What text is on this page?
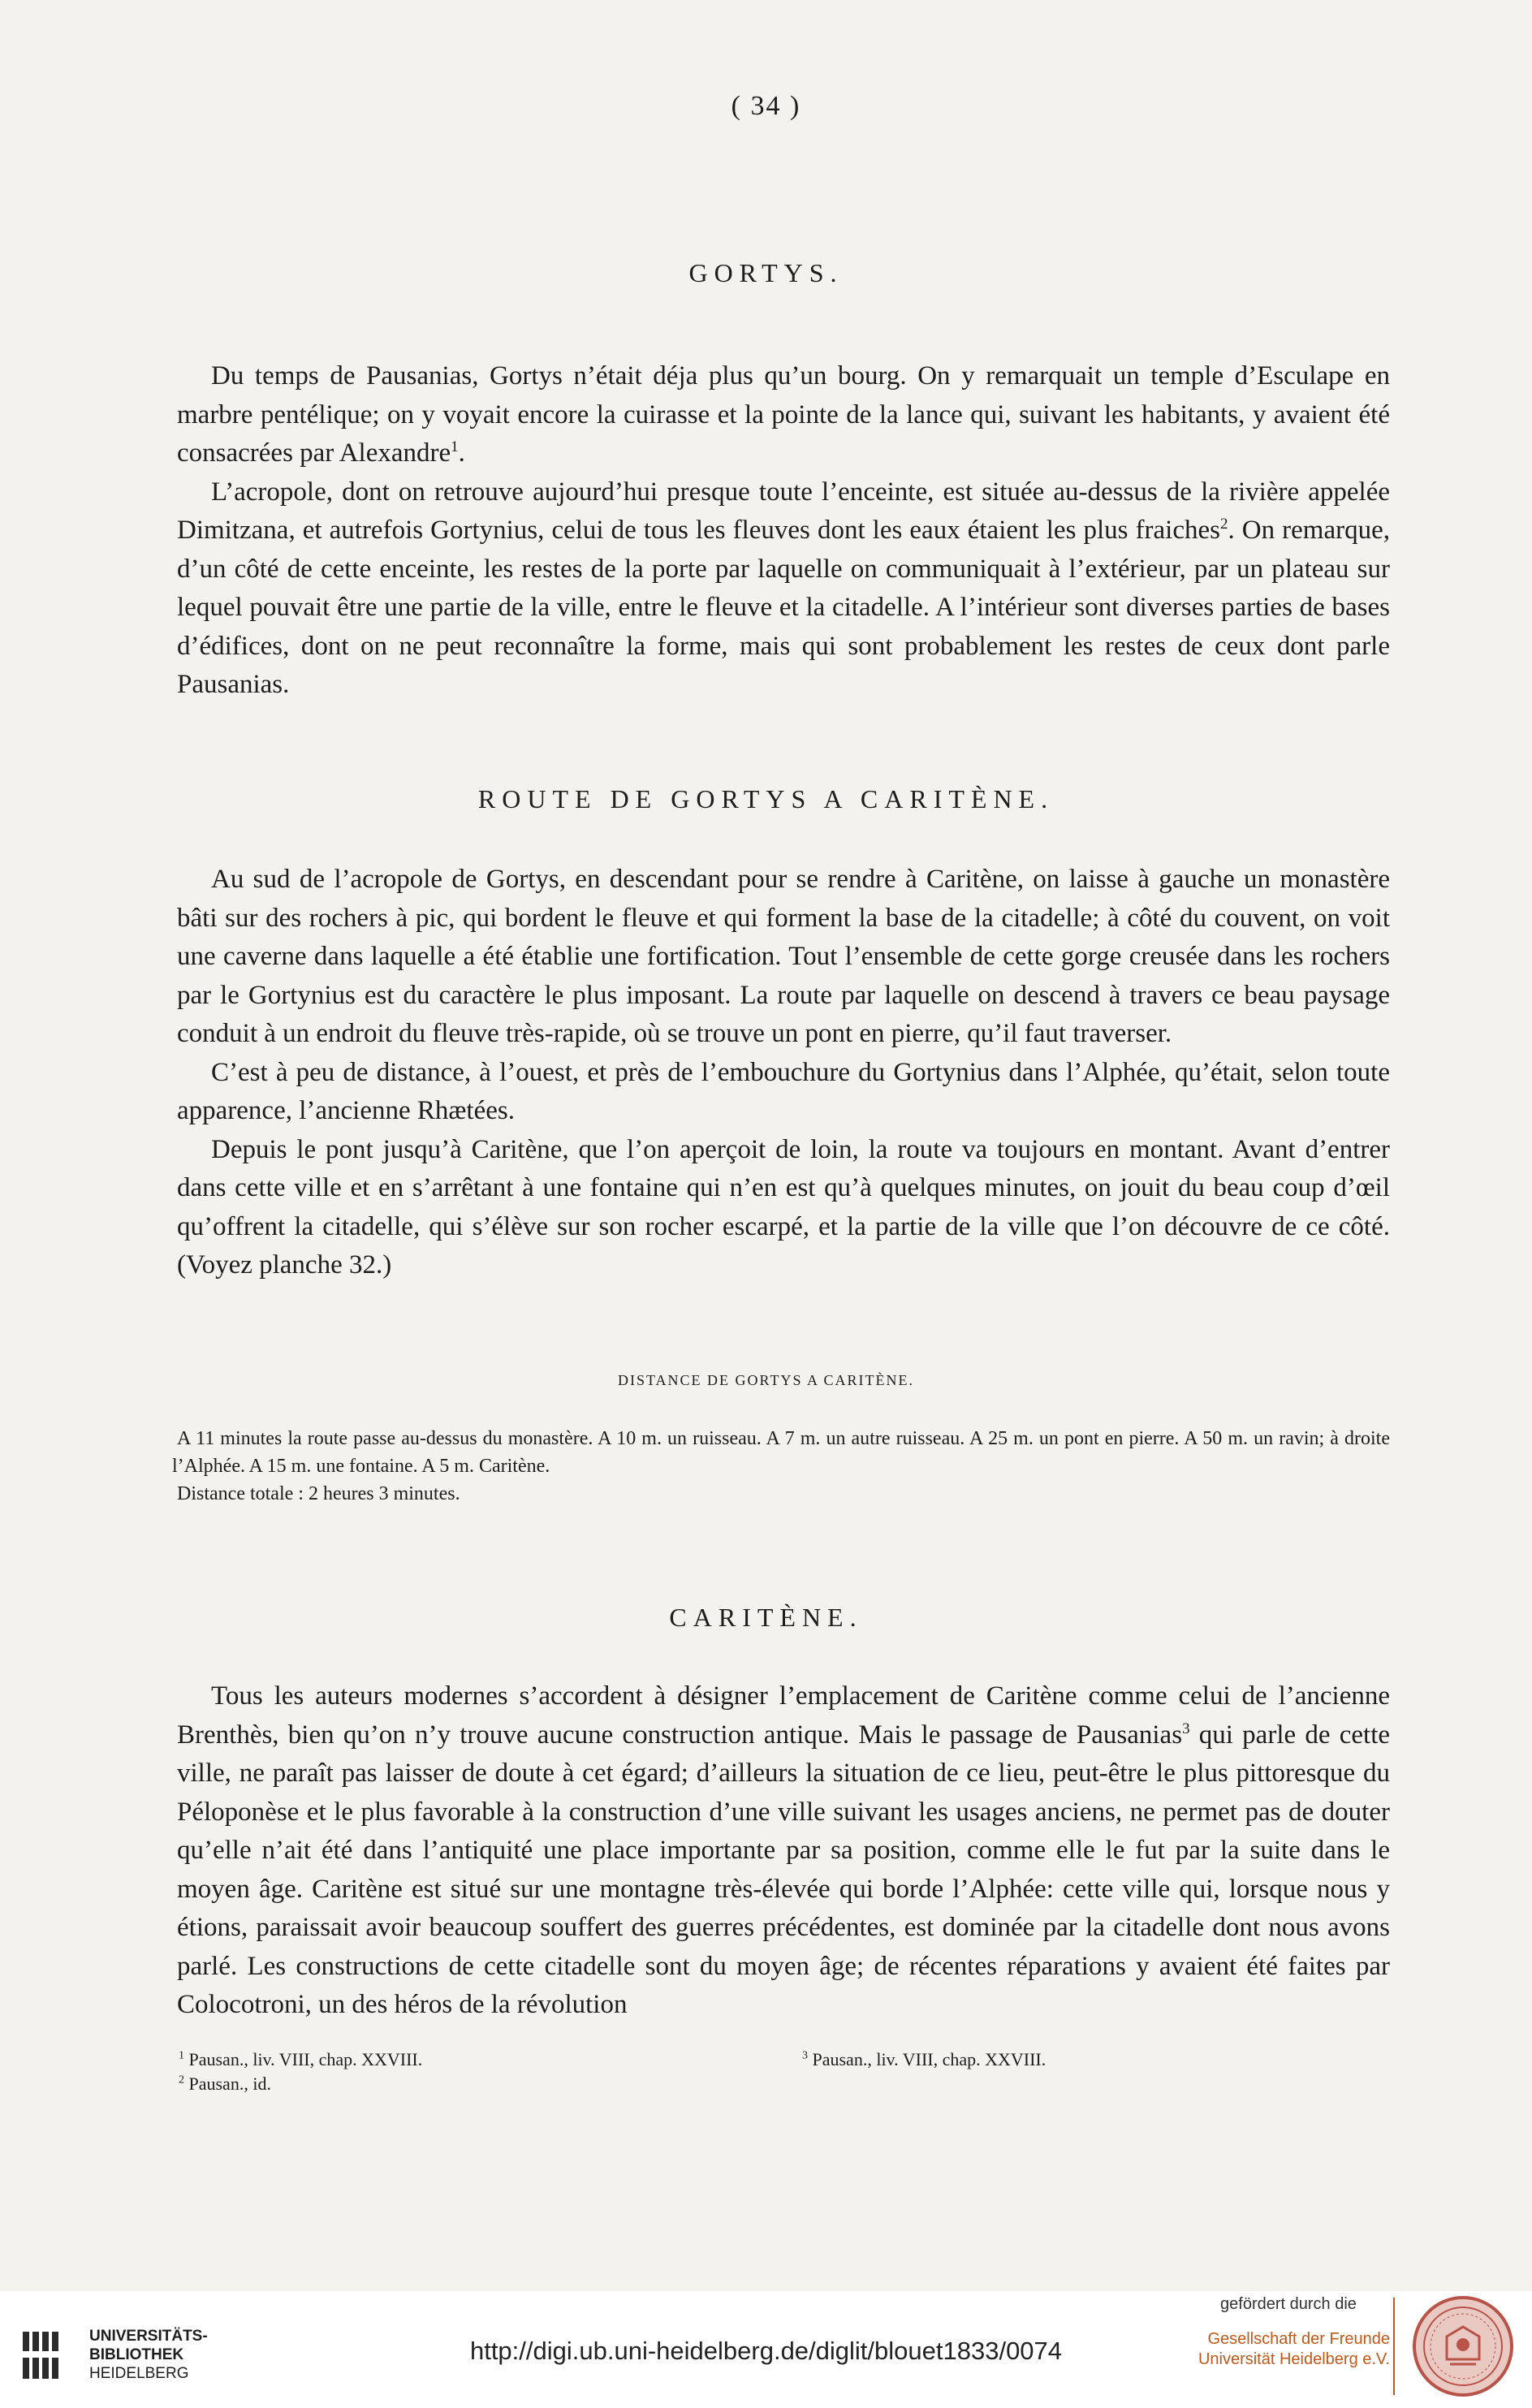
( 34 )
GORTYS.

Du temps de Pausanias, Gortys n’était déja plus qu’un bourg. On y remarquait un temple d’Esculape en marbre pentélique; on y voyait encore la cuirasse et la pointe de la lance qui, suivant les habitants, y avaient été consacrées par Alexandre$^1$.

L’acropole, dont on retrouve aujourd’hui presque toute l’enceinte, est située au-dessus de la rivière appelée Dimitzana, et autrefois Gortynius, celui de tous les fleuves dont les eaux étaient les plus fraiches$^2$. On remarque, d’un côté de cette enceinte, les restes de la porte par laquelle on communiquait à l’extérieur, par un plateau sur lequel pouvait être une partie de la ville, entre le fleuve et la citadelle. A l’intérieur sont diverses parties de bases d’édifices, dont on ne peut reconnaître la forme, mais qui sont probablement les restes de ceux dont parle Pausanias.

ROUTE DE GORTYS A CARITÈNE.

Au sud de l’acropole de Gortys, en descendant pour se rendre à Caritène, on laisse à gauche un monastère bâti sur des rochers à pic, qui bordent le fleuve et qui forment la base de la citadelle; à côté du couvent, on voit une caverne dans laquelle a été établie une fortification. Tout l’ensemble de cette gorge creusée dans les rochers par le Gortynius est du caractère le plus imposant. La route par laquelle on descend à travers ce beau paysage conduit à un endroit du fleuve très-rapide, où se trouve un pont en pierre, qu’il faut traverser.

C’est à peu de distance, à l’ouest, et près de l’embouchure du Gortynius dans l’Alphée, qu’était, selon toute apparence, l’ancienne Rhætées.

Depuis le pont jusqu’à Caritène, que l’on aperçoit de loin, la route va toujours en montant. Avant d’entrer dans cette ville et en s’arrêtant à une fontaine qui n’en est qu’à quelques minutes, on jouit du beau coup d’œil qu’offrent la citadelle, qui s’élève sur son rocher escarpé, et la partie de la ville que l’on découvre de ce côté. (Voyez planche 32.)

DISTANCE DE GORTYS A CARITÈNE.

A 11 minutes la route passe au-dessus du monastère. A 10 m. un ruisseau. A 7 m. un autre ruisseau. A 25 m. un pont en pierre. A 50 m. un ravin; à droite l’Alphée. A 15 m. une fontaine. A 5 m. Caritène.

Distance totale : 2 heures 3 minutes.

CARITÈNE.

Tous les auteurs modernes s’accordent à désigner l’emplacement de Caritène comme celui de l’ancienne Brenthès, bien qu’on n’y trouve aucune construction antique. Mais le passage de Pausanias$^3$ qui parle de cette ville, ne paraît pas laisser de doute à cet égard; d’ailleurs la situation de ce lieu, peut-être le plus pittoresque du Péloponèse et le plus favorable à la construction d’une ville suivant les usages anciens, ne permet pas de douter qu’elle n’ait été dans l’antiquité une place importante par sa position, comme elle le fut par la suite dans le moyen âge. Caritène est situé sur une montagne très-élevée qui borde l’Alphée: cette ville qui, lorsque nous y étions, paraissait avoir beaucoup souffert des guerres précédentes, est dominée par la citadelle dont nous avons parlé. Les constructions de cette citadelle sont du moyen âge; de récentes réparations y avaient été faites par Colocotroni, un des héros de la révolution

$^1$ Pausan., liv. VIII, chap. XXVIII.

$^2$ Pausan., id.

$^3$ Pausan., liv. VIII, chap. XXVIII.

UNIVERSITÄTS-
BIBLIOTHEK
HEIDELBERG
http://digi.ub.uni-heidelberg.de/diglit/blouet1833/0074
gefördert durch die
Gesellschaft der Freunde
Universität Heidelberg e.V.
